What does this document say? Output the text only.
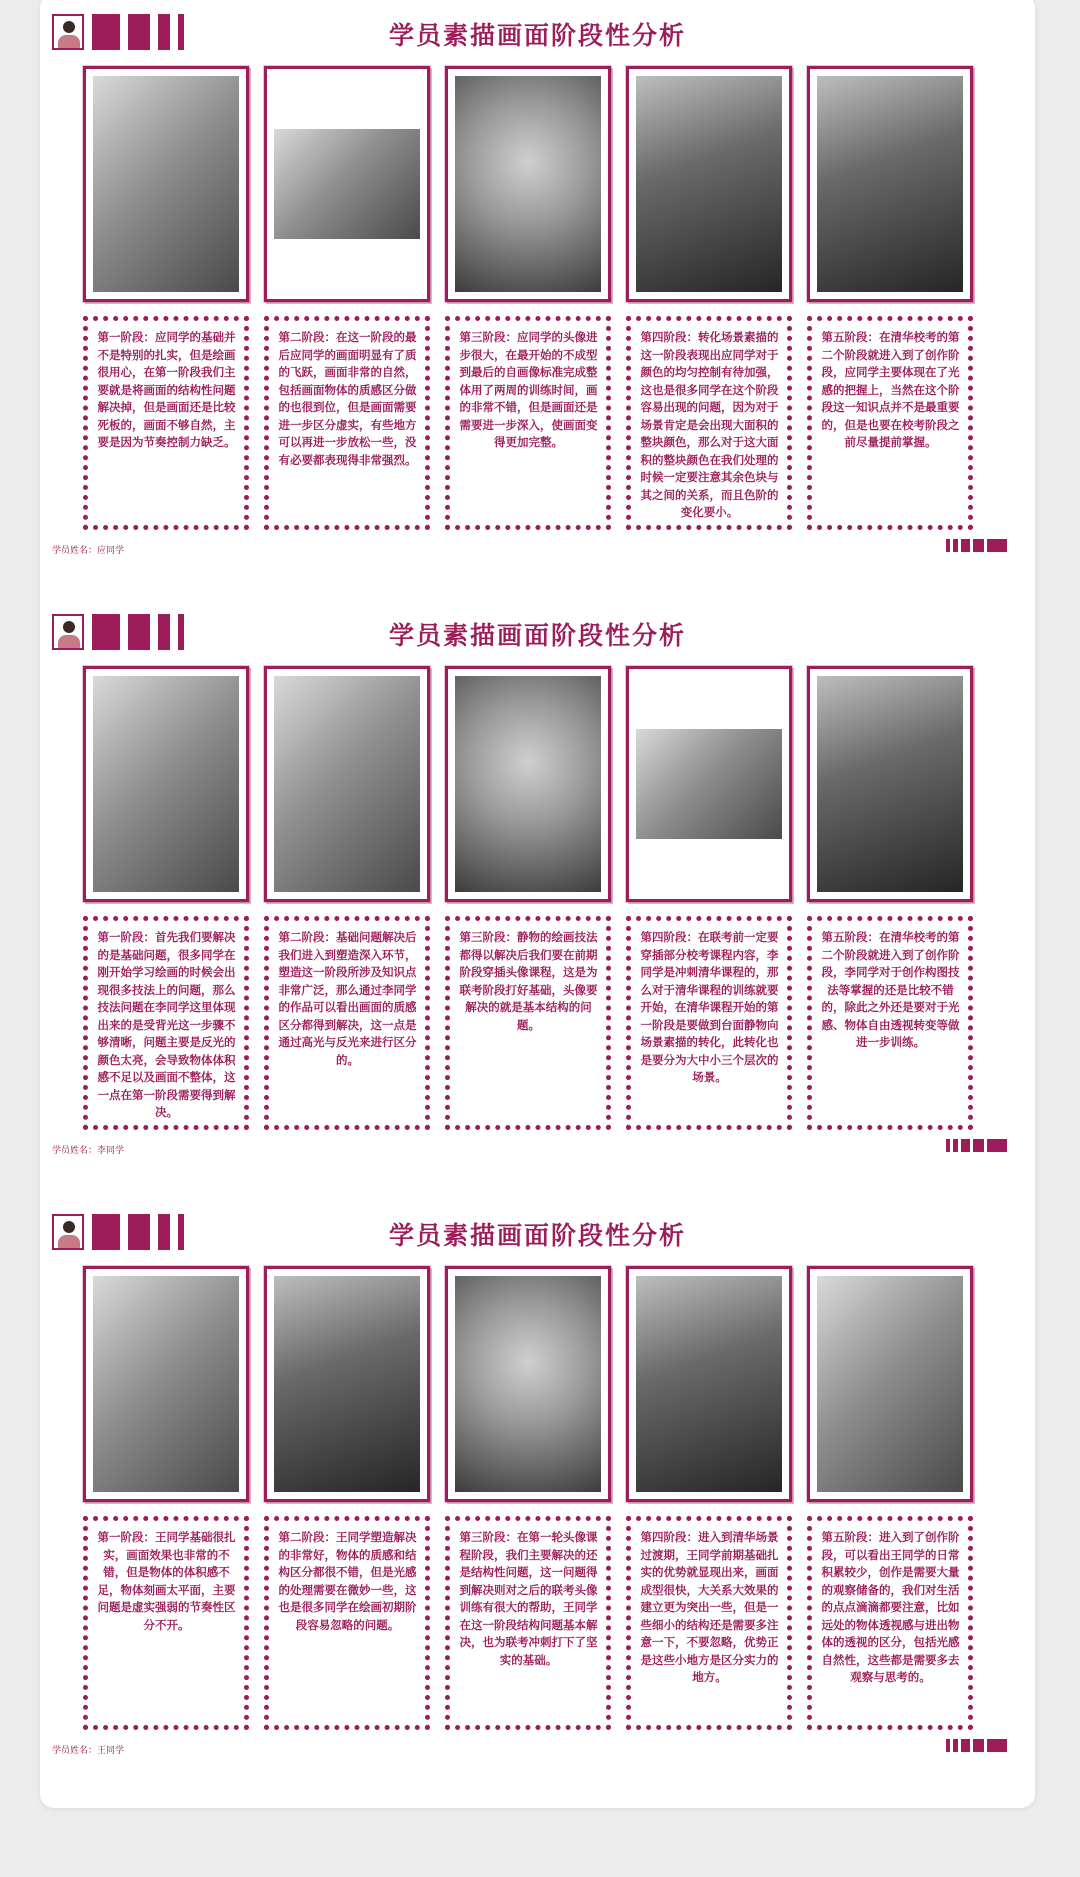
学员素描画面阶段性分析
第一阶段：应同学的基础并不是特别的扎实，但是绘画很用心，在第一阶段我们主要就是将画面的结构性问题解决掉，但是画面还是比较死板的，画面不够自然，主要是因为节奏控制力缺乏。
第二阶段：在这一阶段的最后应同学的画面明显有了质的飞跃，画面非常的自然，包括画面物体的质感区分做的也很到位，但是画面需要进一步区分虚实，有些地方可以再进一步放松一些，没有必要都表现得非常强烈。
第三阶段：应同学的头像进步很大，在最开始的不成型到最后的自画像标准完成整体用了两周的训练时间，画的非常不错，但是画面还是需要进一步深入，使画面变得更加完整。
第四阶段：转化场景素描的这一阶段表现出应同学对于颜色的均匀控制有待加强，这也是很多同学在这个阶段容易出现的问题，因为对于场景肯定是会出现大面积的整块颜色，那么对于这大面积的整块颜色在我们处理的时候一定要注意其余色块与其之间的关系，而且色阶的变化要小。
第五阶段：在清华校考的第二个阶段就进入到了创作阶段，应同学主要体现在了光感的把握上，当然在这个阶段这一知识点并不是最重要的，但是也要在校考阶段之前尽量提前掌握。
学员姓名：应同学
学员素描画面阶段性分析
第一阶段：首先我们要解决的是基础问题，很多同学在刚开始学习绘画的时候会出现很多技法上的问题，那么技法问题在李同学这里体现出来的是受背光这一步骤不够清晰，问题主要是反光的颜色太亮，会导致物体体积感不足以及画面不整体，这一点在第一阶段需要得到解决。
第二阶段：基础问题解决后我们进入到塑造深入环节，塑造这一阶段所涉及知识点非常广泛，那么通过李同学的作品可以看出画面的质感区分都得到解决，这一点是通过高光与反光来进行区分的。
第三阶段：静物的绘画技法都得以解决后我们要在前期阶段穿插头像课程，这是为联考阶段打好基础，头像要解决的就是基本结构的问题。
第四阶段：在联考前一定要穿插部分校考课程内容，李同学是冲刺清华课程的，那么对于清华课程的训练就要开始，在清华课程开始的第一阶段是要做到台面静物向场景素描的转化，此转化也是要分为大中小三个层次的场景。
第五阶段：在清华校考的第二个阶段就进入到了创作阶段，李同学对于创作构图技法等掌握的还是比较不错的，除此之外还是要对于光感、物体自由透视转变等做进一步训练。
学员姓名：李同学
学员素描画面阶段性分析
第一阶段：王同学基础很扎实，画面效果也非常的不错，但是物体的体积感不足，物体刻画太平面，主要问题是虚实强弱的节奏性区分不开。
第二阶段：王同学塑造解决的非常好，物体的质感和结构区分都很不错，但是光感的处理需要在微妙一些，这也是很多同学在绘画初期阶段容易忽略的问题。
第三阶段：在第一轮头像课程阶段，我们主要解决的还是结构性问题，这一问题得到解决则对之后的联考头像训练有很大的帮助，王同学在这一阶段结构问题基本解决，也为联考冲刺打下了坚实的基础。
第四阶段：进入到清华场景过渡期，王同学前期基础扎实的优势就显现出来，画面成型很快，大关系大效果的建立更为突出一些，但是一些细小的结构还是需要多注意一下，不要忽略，优势正是这些小地方是区分实力的地方。
第五阶段：进入到了创作阶段，可以看出王同学的日常积累较少，创作是需要大量的观察储备的，我们对生活的点点滴滴都要注意，比如远处的物体透视感与进出物体的透视的区分，包括光感自然性，这些都是需要多去观察与思考的。
学员姓名：王同学
